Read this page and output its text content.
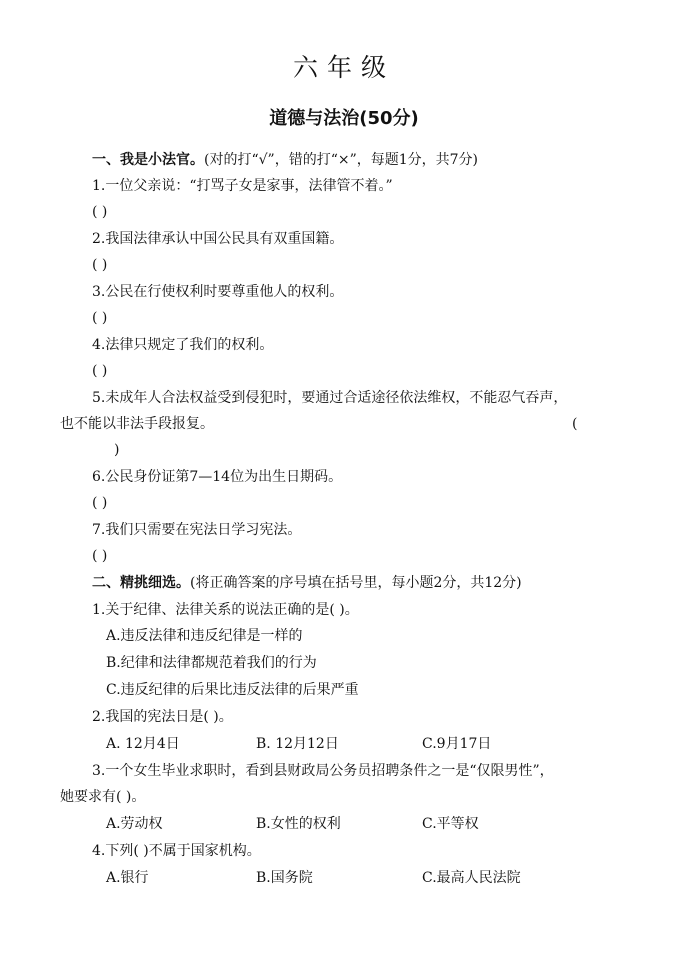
六年级
道德与法治(50分)
一、我是小法官。(对的打“√”，错的打“×”，每题1分，共7分)
1.一位父亲说：“打骂子女是家事，法律管不着。”
( )
2.我国法律承认中国公民具有双重国籍。
( )
3.公民在行使权利时要尊重他人的权利。
( )
4.法律只规定了我们的权利。
( )
5.未成年人合法权益受到侵犯时，要通过合适途径依法维权，不能忍气吞声，
也不能以非法手段报复。	(
)
6.公民身份证第7—14位为出生日期码。
( )
7.我们只需要在宪法日学习宪法。
( )
二、精挑细选。(将正确答案的序号填在括号里，每小题2分，共12分)
1.关于纪律、法律关系的说法正确的是( )。
A.违反法律和违反纪律是一样的
B.纪律和法律都规范着我们的行为
C.违反纪律的后果比违反法律的后果严重
2.我国的宪法日是( )。
A. 12月4日	B. 12月12日	C.9月17日
3.一个女生毕业求职时，看到县财政局公务员招聘条件之一是“仅限男性”，
她要求有( )。
A.劳动权	B.女性的权利	C.平等权
4.下列( )不属于国家机构。
A.银行	B.国务院	C.最高人民法院
